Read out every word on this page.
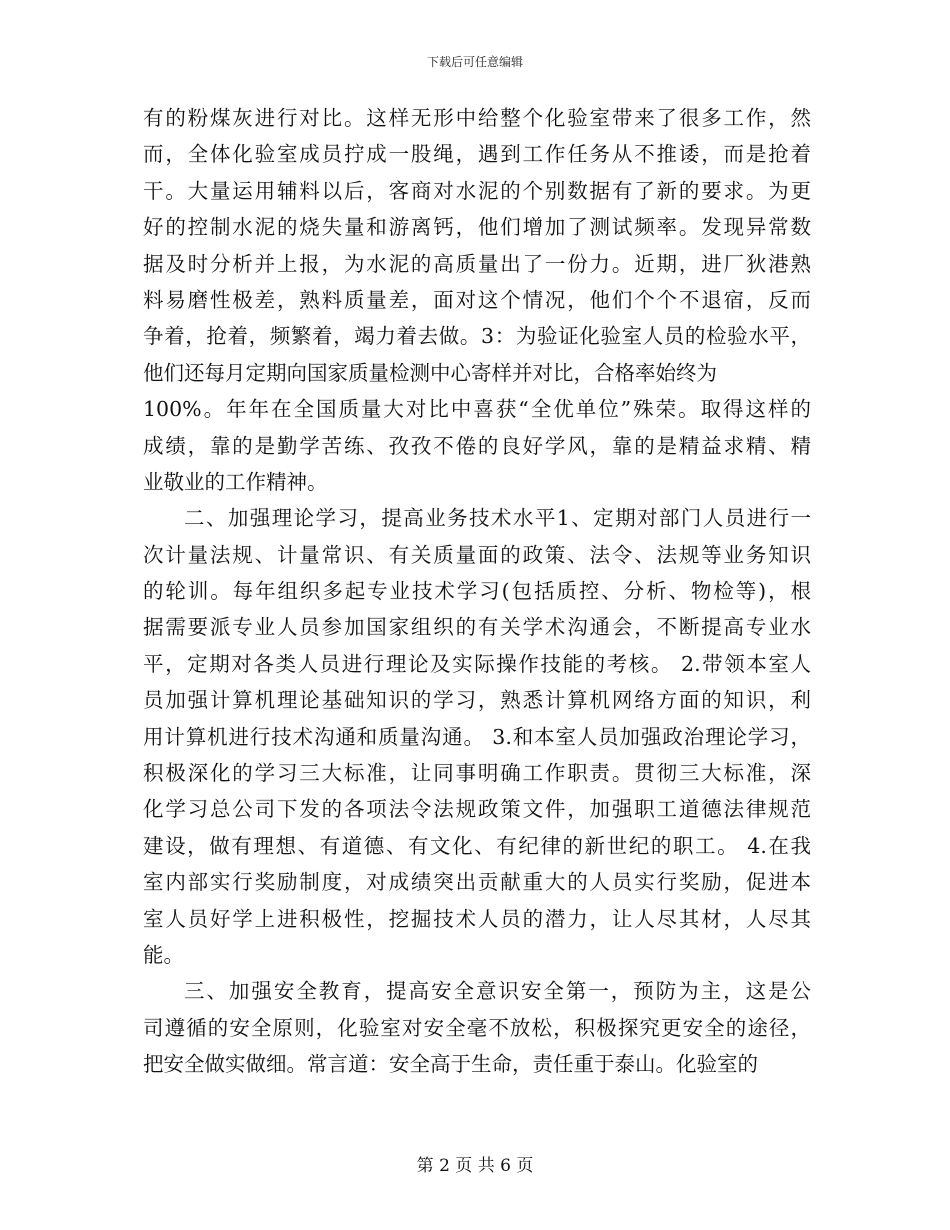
下载后可任意编辑
有的粉煤灰进行对比。这样无形中给整个化验室带来了很多工作，然
而，全体化验室成员拧成一股绳，遇到工作任务从不推诿，而是抢着
干。大量运用辅料以后，客商对水泥的个别数据有了新的要求。为更
好的控制水泥的烧失量和游离钙，他们增加了测试频率。发现异常数
据及时分析并上报，为水泥的高质量出了一份力。近期，进厂狄港熟
料易磨性极差，熟料质量差，面对这个情况，他们个个不退宿，反而
争着，抢着，频繁着，竭力着去做。3：为验证化验室人员的检验水平，
他们还每月定期向国家质量检测中心寄样并对比，合格率始终为
100%。年年在全国质量大对比中喜获“全优单位”殊荣。取得这样的
成绩，靠的是勤学苦练、孜孜不倦的良好学风，靠的是精益求精、精
业敬业的工作精神。
二、加强理论学习，提高业务技术水平1、定期对部门人员进行一
次计量法规、计量常识、有关质量面的政策、法令、法规等业务知识
的轮训。每年组织多起专业技术学习(包括质控、分析、物检等)，根
据需要派专业人员参加国家组织的有关学术沟通会，不断提高专业水
平，定期对各类人员进行理论及实际操作技能的考核。 2.带领本室人
员加强计算机理论基础知识的学习，熟悉计算机网络方面的知识，利
用计算机进行技术沟通和质量沟通。 3.和本室人员加强政治理论学习，
积极深化的学习三大标准，让同事明确工作职责。贯彻三大标准，深
化学习总公司下发的各项法令法规政策文件，加强职工道德法律规范
建设，做有理想、有道德、有文化、有纪律的新世纪的职工。 4.在我
室内部实行奖励制度，对成绩突出贡献重大的人员实行奖励，促进本
室人员好学上进积极性，挖掘技术人员的潜力，让人尽其材，人尽其
能。
三、加强安全教育，提高安全意识安全第一，预防为主，这是公
司遵循的安全原则，化验室对安全毫不放松，积极探究更安全的途径，
把安全做实做细。常言道：安全高于生命，责任重于泰山。化验室的
第 2 页 共 6 页
